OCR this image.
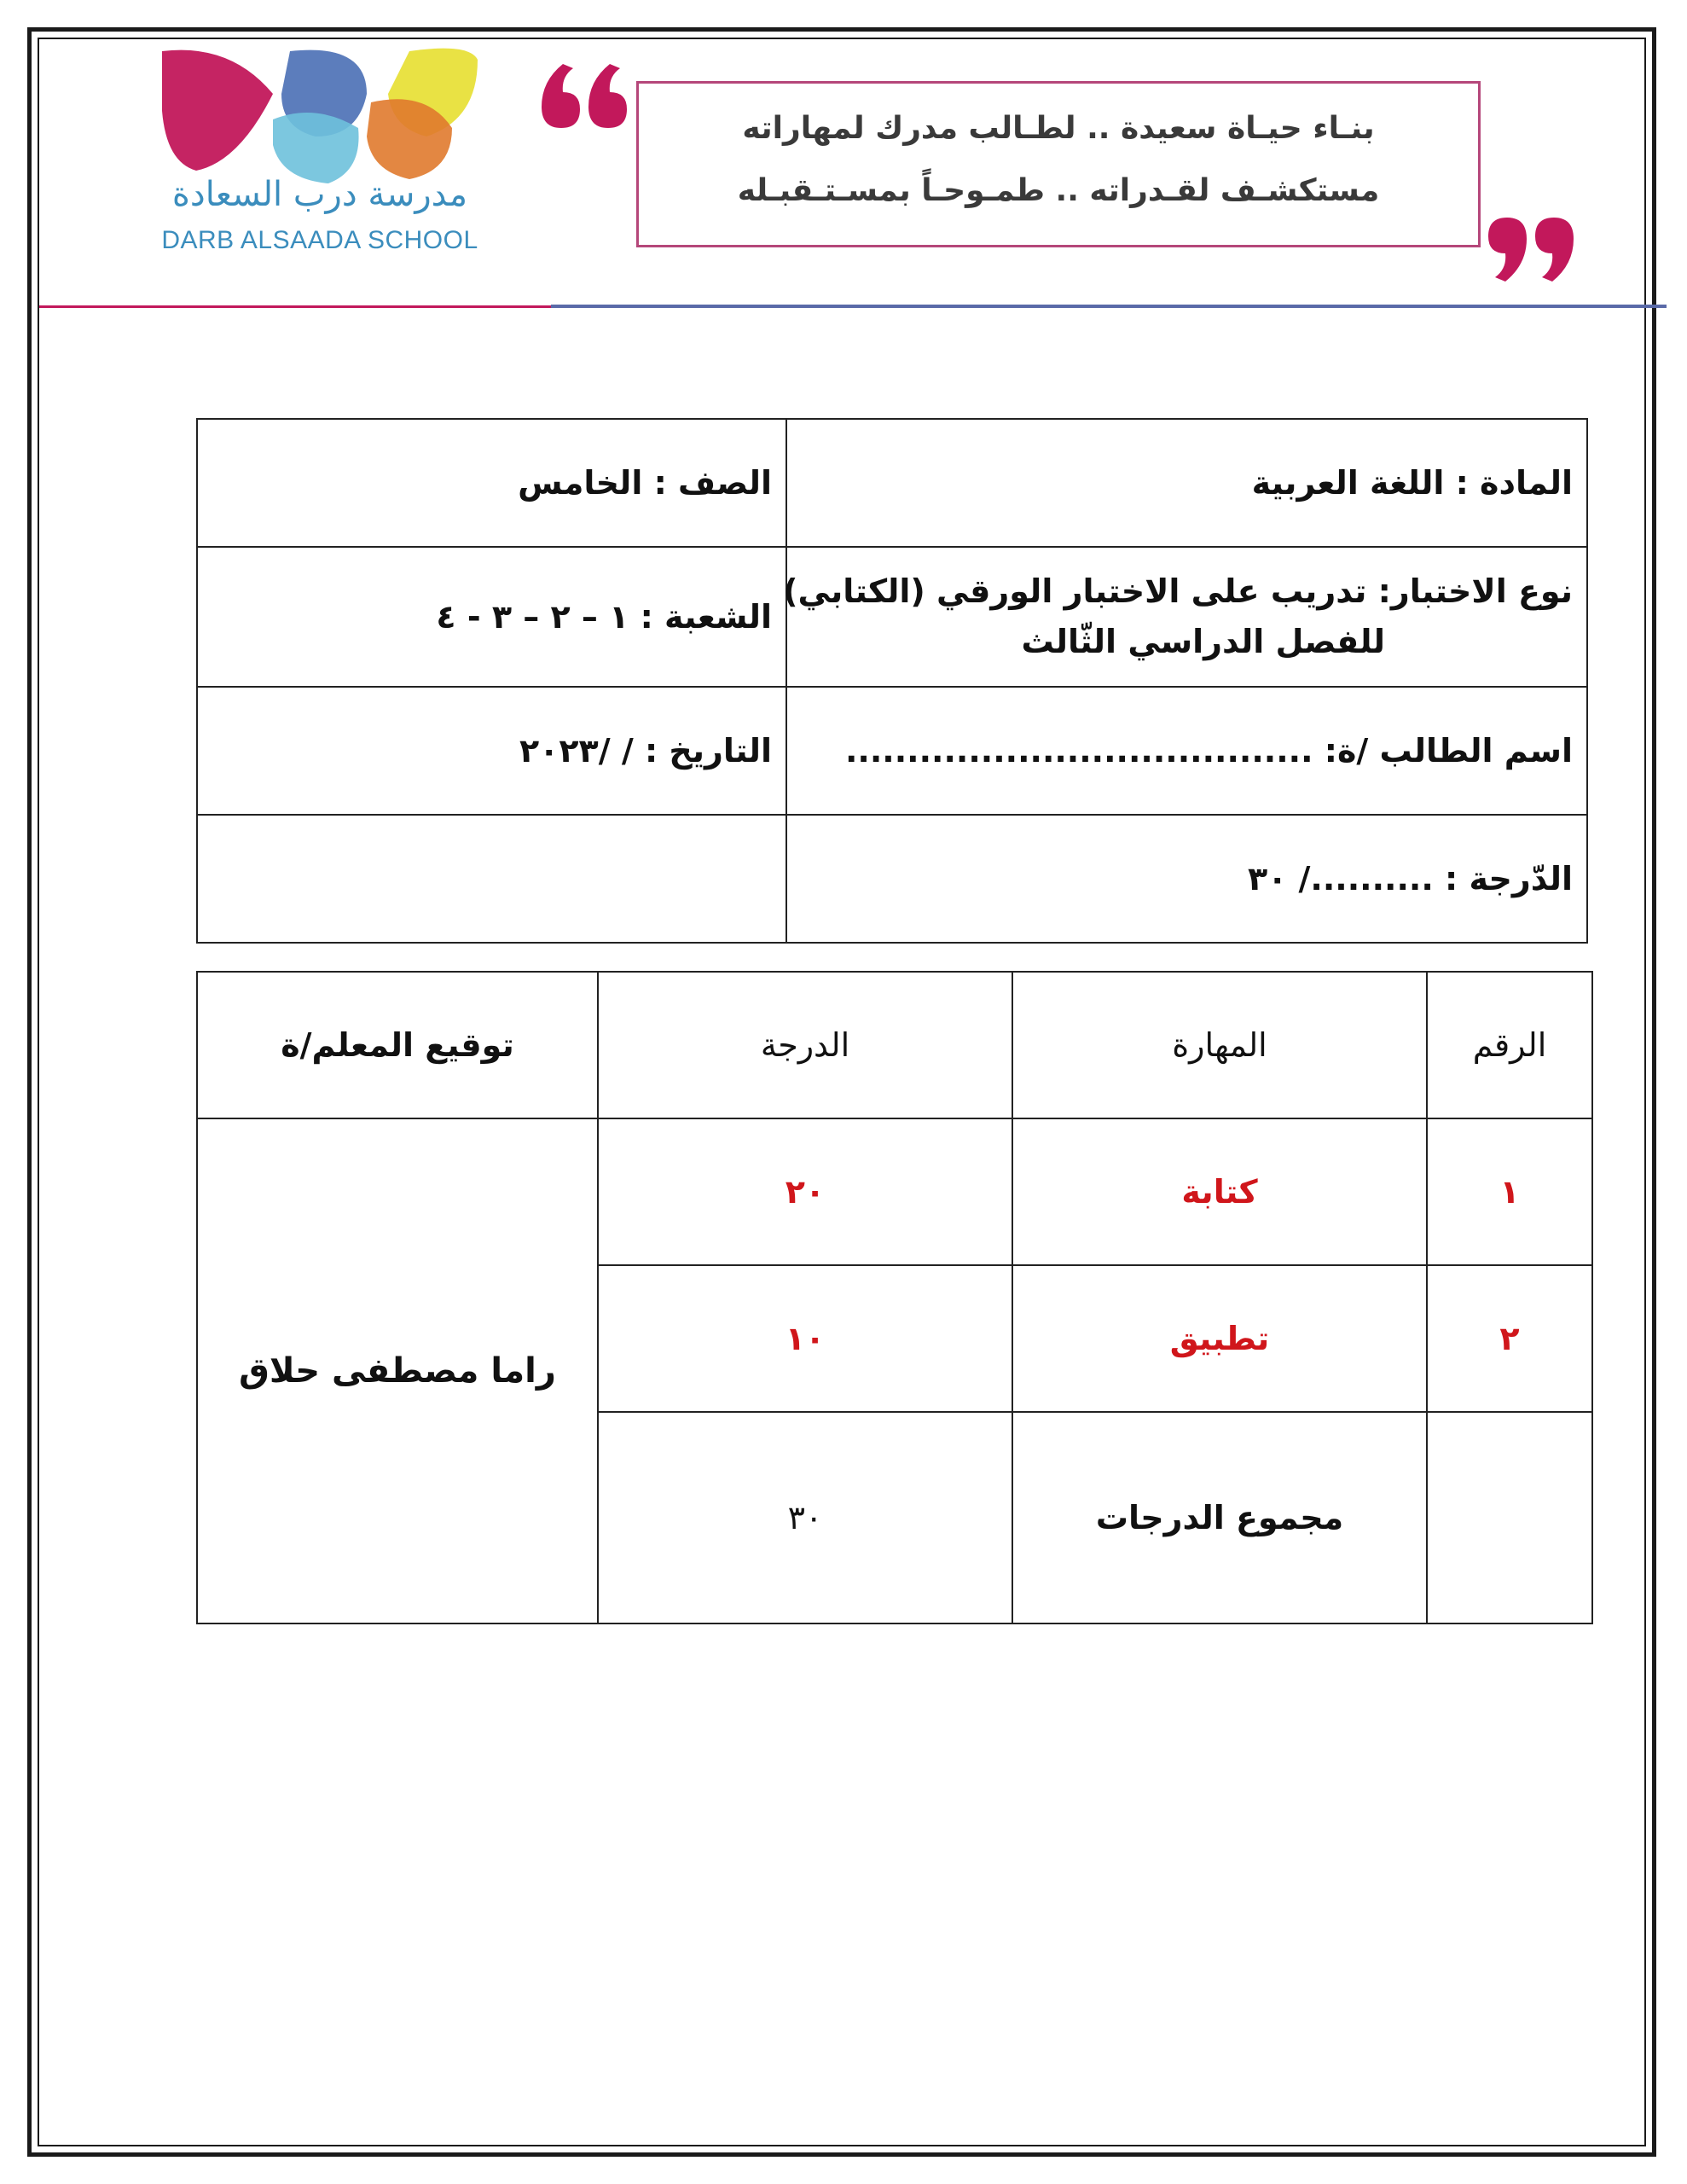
مدرسة درب السعادة
DARB ALSAADA SCHOOL
بنـاء حيـاة سعيدة .. لطـالب مدرك لمهاراته
مستكشـف لقـدراته .. طمـوحـاً بمسـتـقبـله
المادة : اللغة العربية	الصف : الخامس

نوع الاختبار: تدريب على الاختبار الورقي (الكتابي)
للفصل الدراسي الثّالث	الشعبة : ١ – ٢ – ٣ - ٤
اسم الطالب /ة: ......................................	التاريخ : / /٢٠٢٣
الدّرجة : ........../ ٣٠	
الرقم	المهارة	الدرجة	توقيع المعلم/ة
١	كتابة	٢٠	راما مصطفى حلاق
٢	تطبيق	١٠	
	مجموع الدرجات	٣٠	
